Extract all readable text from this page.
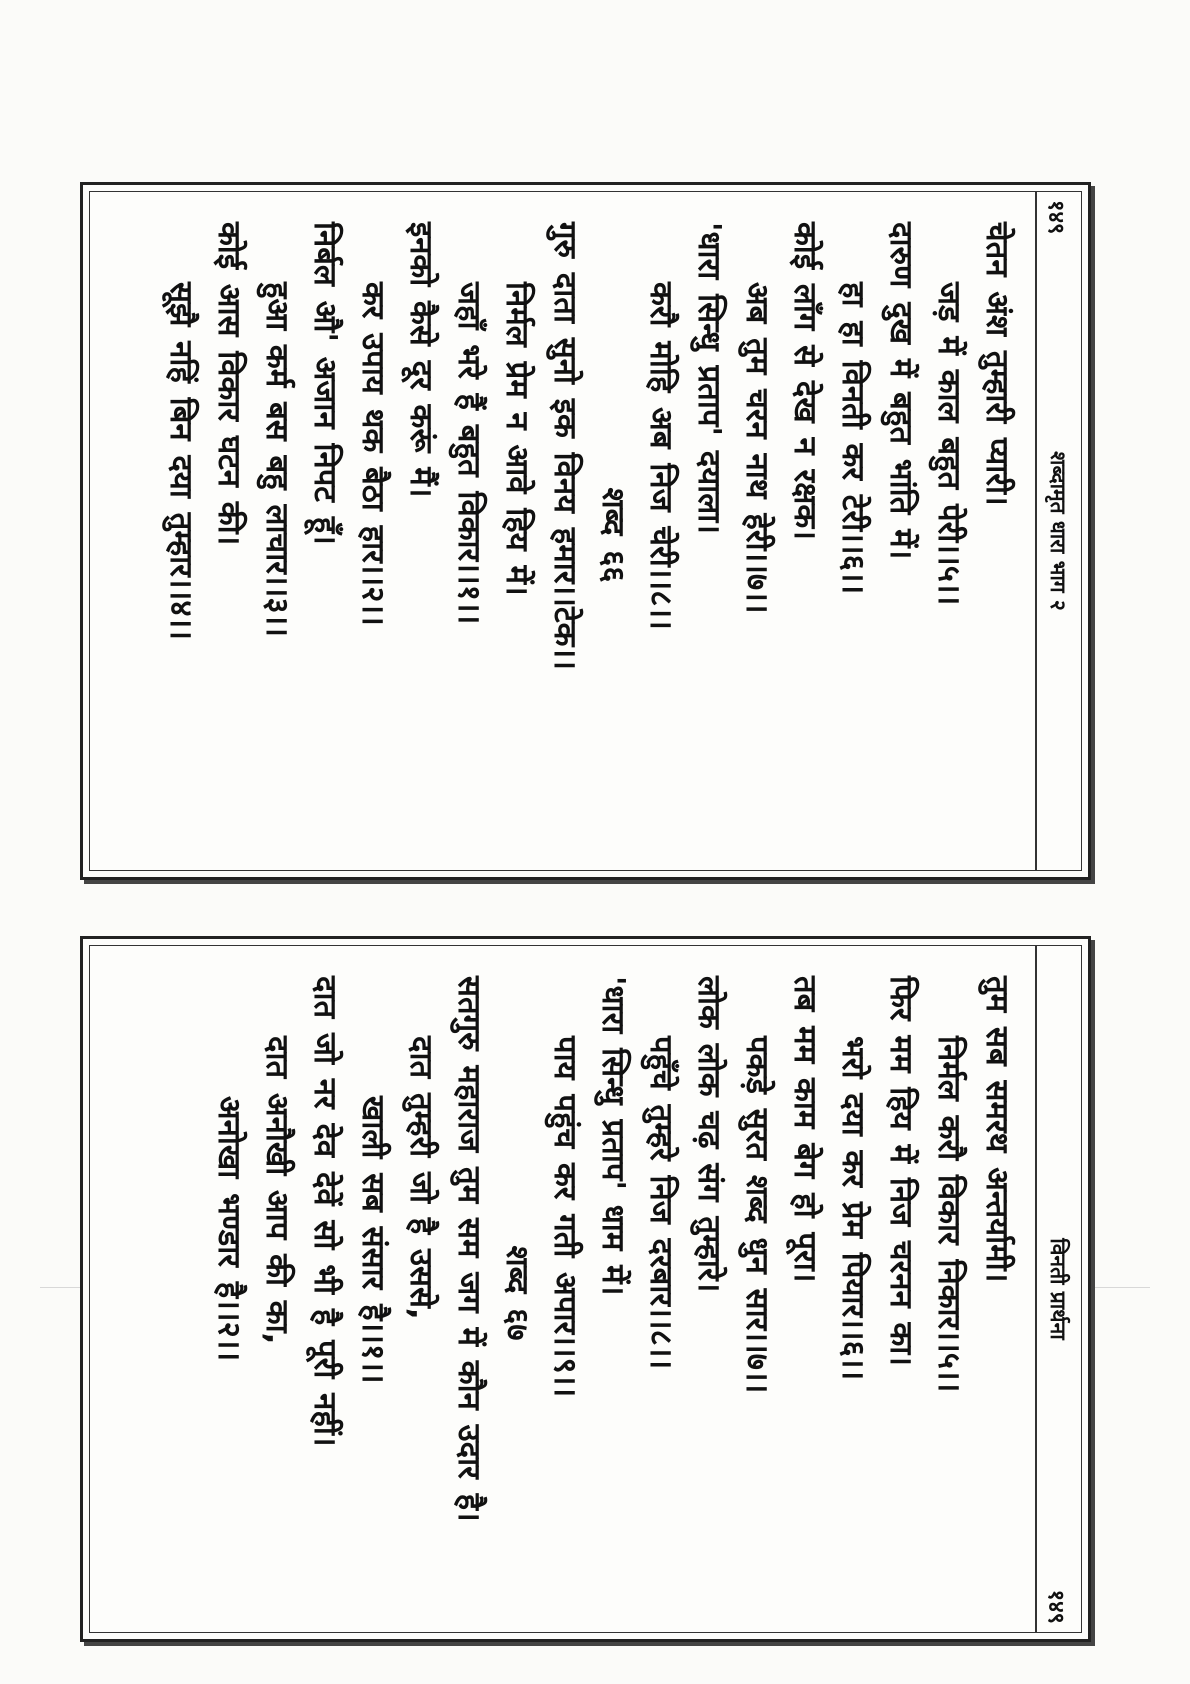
१४९
शब्दामृत धारा भाग २
चेतन अंश तुम्हारी प्यारी।
जड़ में काल बहुत पेरी।।५।।
दारुण दुख में बहुत भांति में।
हा हा विनती कर टेरी।।६।।
कोई लाँग से देख न रक्षक।
अब तुम चरन नाथ हेरी।।७।।
'धारा सिन्धु प्रताप' दयाला।
करौ मोहि अब निज चेरी।।८।।
शब्द ६६
गुरु दाता सुनो इक विनय हमार।।टेक।।
निर्मल प्रेम न आवे हिय में।
जहाँ भरे हैं बहुत विकार।।१।।
इनको कैसे दूर करूं मैं।
कर उपाय थक बैठा हार।।२।।
निर्बल औ' अजान निपट हूँ।
हुआ कर्म बस बहु लाचार।।३।।
कोई आस विकार घटन की।
सूझै नहिं बिन दया तुम्हार।।४।।
विनती प्रार्थना
१४९
तुम सब समरथ अन्तर्यामी।
निर्मल करौ विकार निकार।।५।।
फिर मम हिय में निज चरनन का।
भरो दया कर प्रेम पियार।।६।।
तब मम काम बेग हो पूरा।
पकड़े सुरत शब्द धुन सार।।७।।
लोक लोक चढ़ संग तुम्हारे।
पहुँचे तुम्हरे निज दरबार।।८।।
'धारा सिन्धु प्रताप' धाम में।
पाय पहुंच कर गती अपार।।९।।
शब्द ६७
सतगुरु महाराज तुम सम जग में कौन उदार है।
दात तुम्हरी जो है उससे,
खाली सब संसार है।।१।।
दात जो नर देव देवें सो भी है पूरी नहीं।
दात अनौखी आप की का,
अनोखा भण्डार है।।२।।
